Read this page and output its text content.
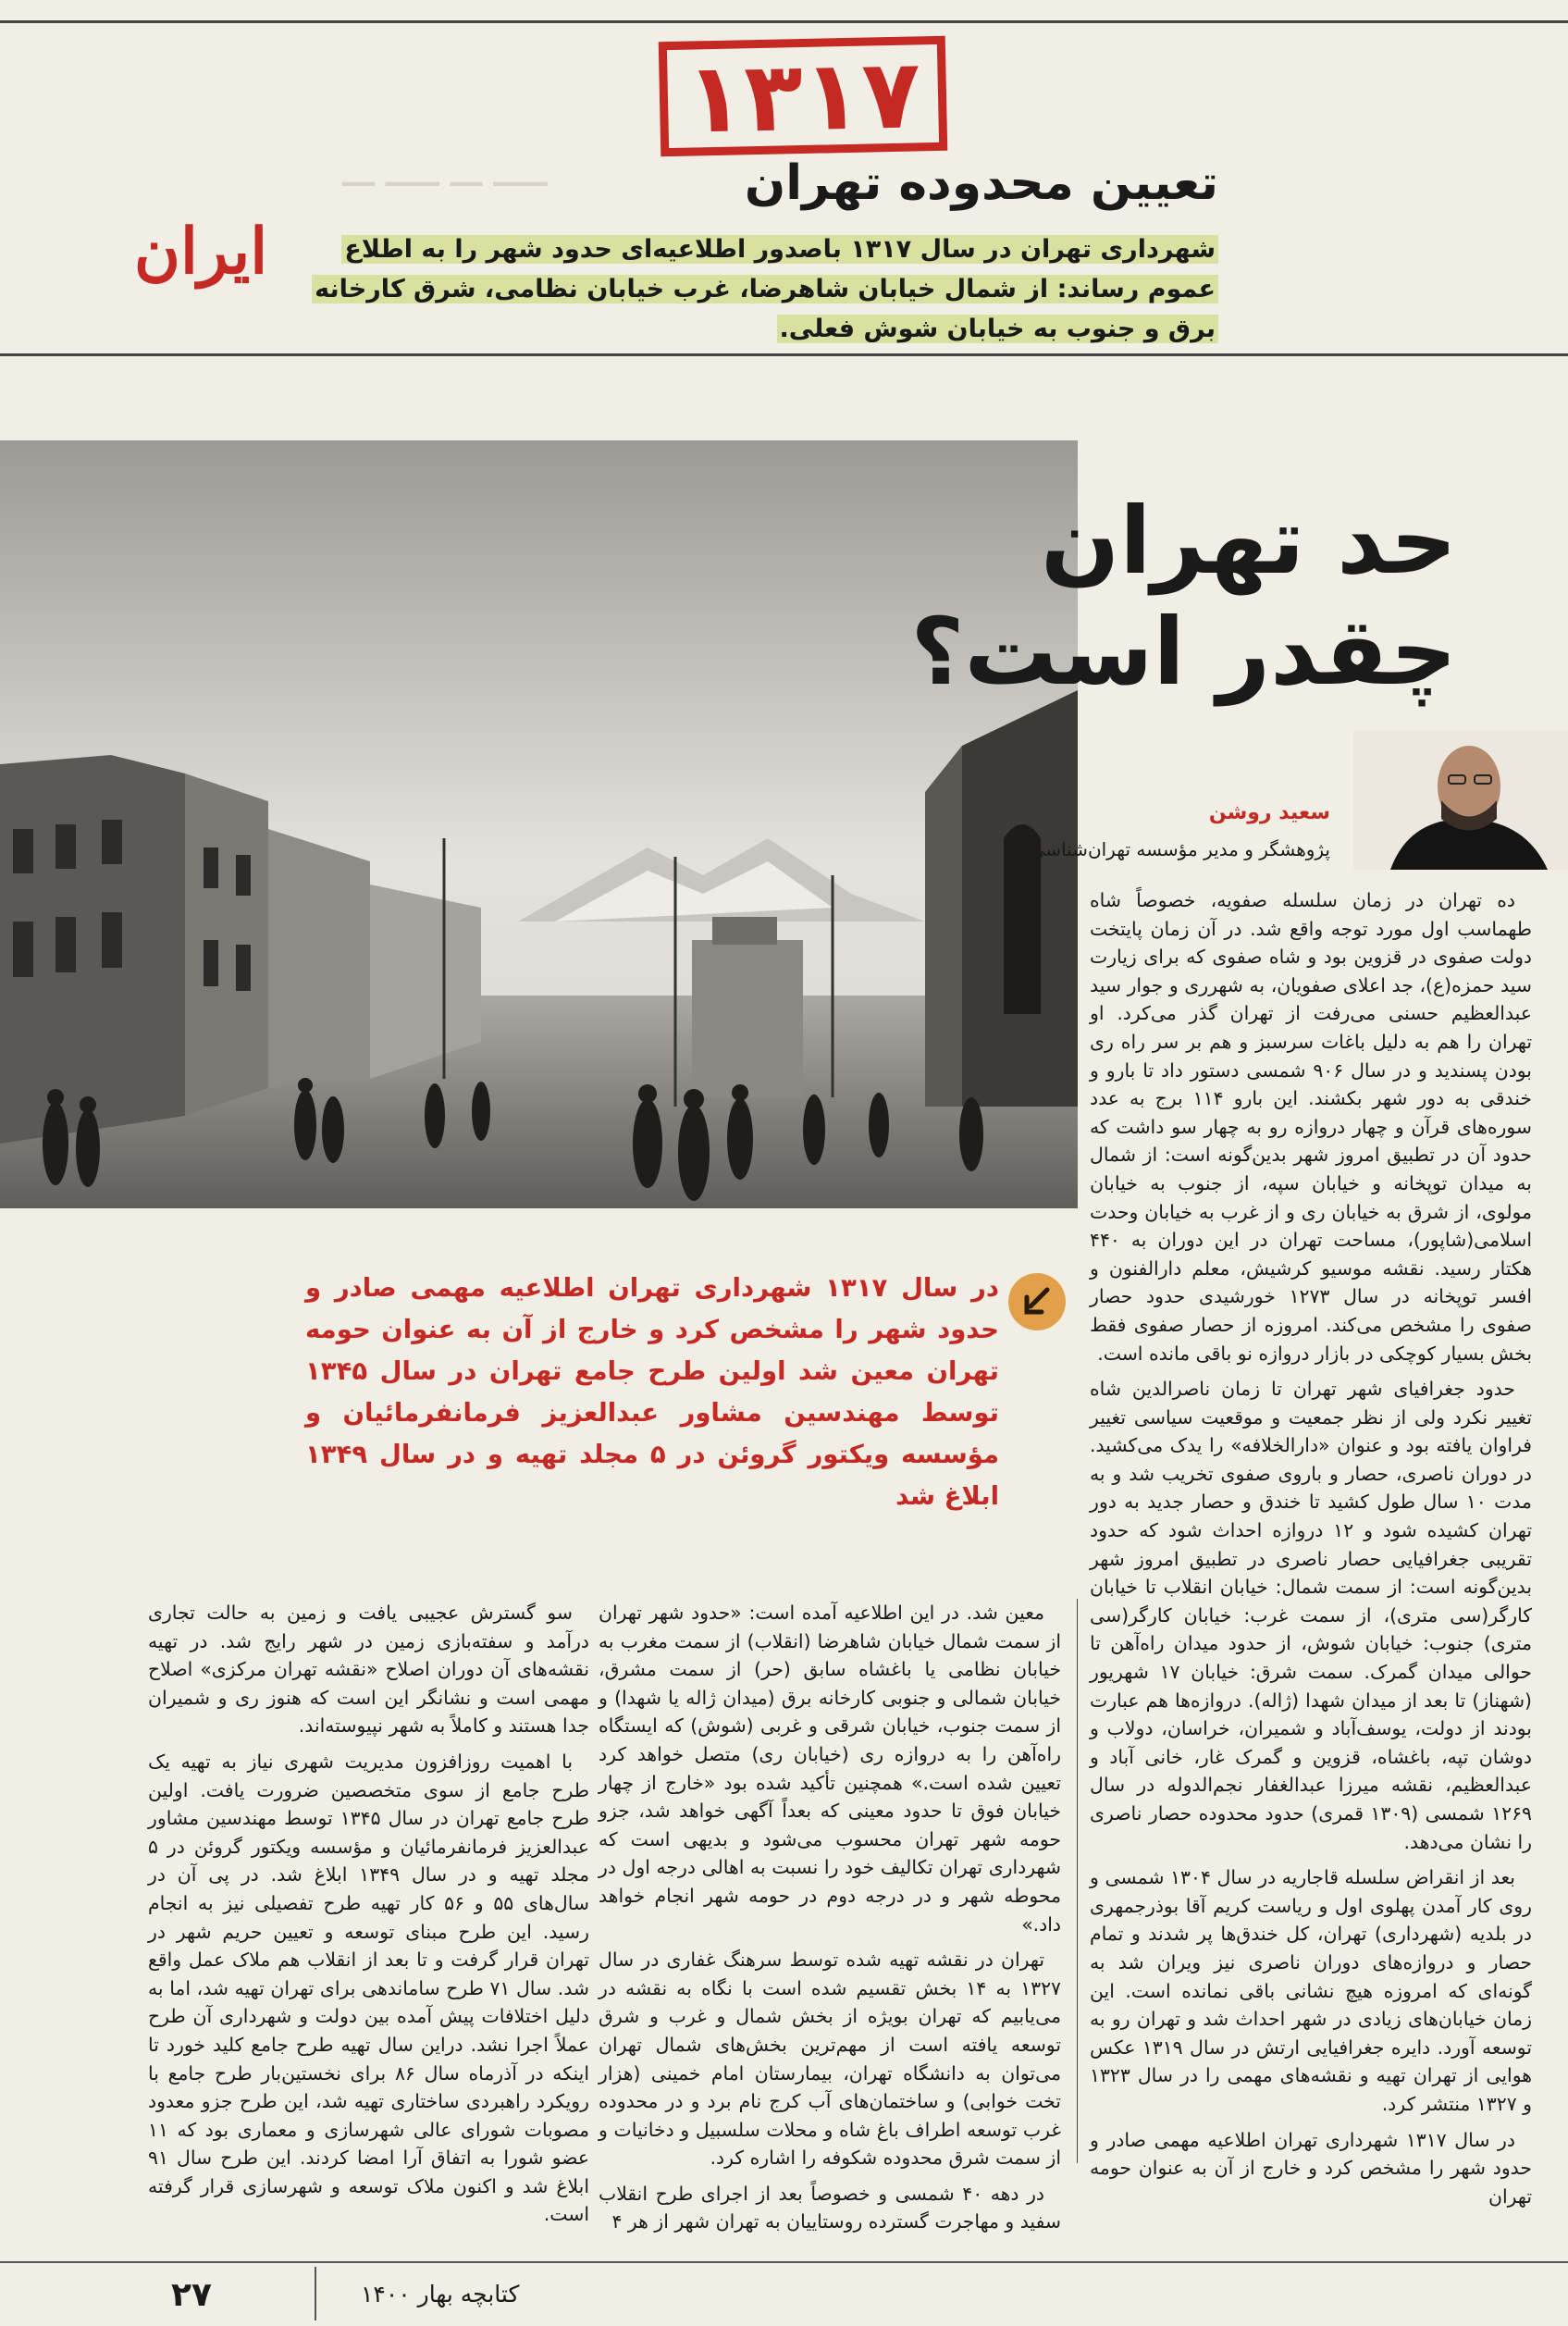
ـــــ ـــ ـــــ ـــ
۱۳۱۷
تعیین محدوده تهران
شهرداری تهران در سال ۱۳۱۷ باصدور اطلاعیه‌ای حدود شهر را به اطلاع عموم رساند: از شمال خیابان شاهرضا، غرب خیابان نظامی، شرق کارخانه برق و جنوب به خیابان شوش فعلی.
ایران
حد تهران
چقدر است؟
سعید روشن
پژوهشگر و مدیر مؤسسه تهران‌شناسی
در سال ۱۳۱۷ شهرداری تهران اطلاعیه مهمی صادر و حدود شهر را مشخص کرد و خارج از آن به عنوان حومه تهران معین شد اولین طرح جامع تهران در سال ۱۳۴۵ توسط مهندسین مشاور عبدالعزیز فرمانفرمائیان و مؤسسه ویکتور گروئن در ۵ مجلد تهیه و در سال ۱۳۴۹ ابلاغ شد

ده تهران در زمان سلسله صفویه، خصوصاً شاه طهماسب اول مورد توجه واقع شد. در آن زمان پایتخت دولت صفوی در قزوین بود و شاه صفوی که برای زیارت‌ سید حمزه(ع)، جد اعلای صفویان، به شهرری و جوار سید عبدالعظیم حسنی می‌رفت از تهران گذر می‌کرد. او تهران را هم به دلیل باغات سرسبز و هم بر سر راه ری بودن پسندید و در سال ۹۰۶ شمسی دستور داد تا بارو و خندقی به دور شهر بکشند. این بارو ۱۱۴ برج به عدد سوره‌های قرآن و چهار دروازه رو به چهار سو داشت که حدود آن در تطبیق امروز شهر بدین‌گونه است: از شمال به میدان توپخانه و خیابان سپه، از جنوب به خیابان مولوی، از شرق به خیابان ری و از غرب به خیابان وحدت اسلامی(شاپور)، مساحت تهران در این دوران به ۴۴۰ هکتار رسید. نقشه موسیو کرشیش، معلم دارالفنون و افسر توپخانه در سال ۱۲۷۳ خورشیدی حدود حصار صفوی را مشخص می‌کند. امروزه از حصار صفوی فقط بخش بسیار کوچکی در بازار دروازه نو باقی مانده است.

حدود جغرافیای شهر تهران تا زمان ناصرالدین شاه تغییر نکرد ولی از نظر جمعیت و موقعیت سیاسی تغییر فراوان یافته بود و عنوان «دارالخلافه» را یدک می‌کشید. در دوران ناصری، حصار و باروی صفوی تخریب شد و به مدت ۱۰ سال طول کشید تا خندق و حصار جدید به دور تهران کشیده شود و ۱۲ دروازه احداث شود که حدود تقریبی جغرافیایی حصار ناصری در تطبیق امروز شهر بدین‌گونه است: از سمت شمال: خیابان انقلاب تا خیابان کارگر(سی متری)، از سمت غرب: خیابان کارگر(سی متری) جنوب: خیابان شوش، از حدود میدان راه‌آهن تا حوالی میدان گمرک. سمت شرق: خیابان ۱۷ شهریور (شهناز) تا بعد از میدان شهدا (ژاله). دروازه‌ها هم عبارت بودند از دولت، یوسف‌آباد و شمیران، خراسان، دولاب و دوشان تپه، باغشاه، قزوین و گمرک غار، خانی آباد و عبدالعظیم، نقشه میرزا عبدالغفار نجم‌الدوله در سال ۱۲۶۹ شمسی (۱۳۰۹ قمری) حدود محدوده حصار ناصری را نشان می‌دهد.

بعد از انقراض سلسله قاجاریه در سال ۱۳۰۴ شمسی و روی کار آمدن پهلوی اول و ریاست کریم آقا بوذرجمهری در بلدیه (شهرداری) تهران، کل خندق‌ها پر شدند و تمام حصار و دروازه‌های دوران ناصری نیز ویران شد به گونه‌ای که امروزه هیچ نشانی باقی نمانده است. این زمان خیابان‌های زیادی در شهر احداث شد و تهران رو به توسعه آورد. دایره جغرافیایی ارتش در سال ۱۳۱۹ عکس هوایی از تهران تهیه و نقشه‌های مهمی را در سال ۱۳۲۳ و ۱۳۲۷ منتشر کرد.

در سال ۱۳۱۷ شهرداری تهران اطلاعیه مهمی صادر و حدود شهر را مشخص کرد و خارج از آن به عنوان حومه تهران

معین شد. در این اطلاعیه آمده است: «حدود شهر تهران از سمت شمال خیابان شاهرضا (انقلاب) از سمت مغرب به خیابان نظامی یا باغشاه سابق (حر) از سمت مشرق، خیابان شمالی و جنوبی کارخانه برق (میدان ژاله یا شهدا) و از سمت جنوب، خیابان شرقی و غربی (شوش) که ایستگاه راه‌آهن را به دروازه ری (خیابان ری) متصل خواهد کرد تعیین شده است.» همچنین تأکید شده بود «خارج از چهار خیابان فوق تا حدود معینی که بعداً آگهی خواهد شد، جزو حومه شهر تهران محسوب می‌شود و بدیهی است که شهرداری تهران تکالیف خود را نسبت به اهالی درجه اول در محوطه شهر و در درجه دوم در حومه شهر انجام خواهد داد.»

تهران در نقشه تهیه شده توسط سرهنگ غفاری در سال ۱۳۲۷ به ۱۴ بخش تقسیم شده است با نگاه به نقشه در می‌یابیم که تهران بویژه از بخش شمال و غرب و شرق توسعه یافته است از مهم‌ترین بخش‌های شمال تهران می‌توان به دانشگاه تهران، بیمارستان امام خمینی (هزار تخت خوابی) و ساختمان‌های آب کرج نام برد و در محدوده غرب توسعه اطراف باغ شاه و محلات سلسبیل و دخانیات و از سمت شرق محدوده شکوفه را اشاره کرد.

در دهه ۴۰ شمسی و خصوصاً بعد از اجرای طرح انقلاب سفید و مهاجرت گسترده روستاییان به تهران شهر از هر ۴

سو گسترش عجیبی یافت و زمین به حالت تجاری درآمد و سفته‌بازی زمین در شهر رایج شد. در تهیه نقشه‌های آن دوران اصلاح «نقشه تهران مرکزی» اصلاح مهمی است و نشانگر این است که هنوز ری و شمیران جدا هستند و کاملاً به شهر نپیوسته‌اند.

با اهمیت روزافزون مدیریت شهری نیاز به تهیه یک طرح جامع از سوی متخصصین ضرورت یافت. اولین طرح جامع تهران در سال ۱۳۴۵ توسط مهندسین مشاور عبدالعزیز فرمانفرمائیان و مؤسسه ویکتور گروئن در ۵ مجلد تهیه و در سال ۱۳۴۹ ابلاغ شد. در پی آن در سال‌های ۵۵ و ۵۶ کار تهیه طرح تفصیلی نیز به انجام رسید. این طرح مبنای توسعه و تعیین حریم شهر در تهران قرار گرفت و تا بعد از انقلاب هم ملاک عمل واقع شد. سال ۷۱ طرح ساماندهی برای تهران تهیه شد، اما به دلیل اختلافات پیش آمده بین دولت و شهرداری آن طرح عملاً اجرا نشد. دراین سال تهیه طرح جامع کلید خورد تا اینکه در آذرماه سال ۸۶ برای نخستین‌بار طرح جامع با رویکرد راهبردی ساختاری تهیه شد، این طرح جزو معدود مصوبات شورای عالی شهرسازی و معماری بود که ۱۱ عضو شورا به اتفاق آرا امضا کردند. این طرح سال ۹۱ ابلاغ شد و اکنون ملاک توسعه و شهرسازی قرار گرفته است.

۲۷	کتابچه بهار ۱۴۰۰
